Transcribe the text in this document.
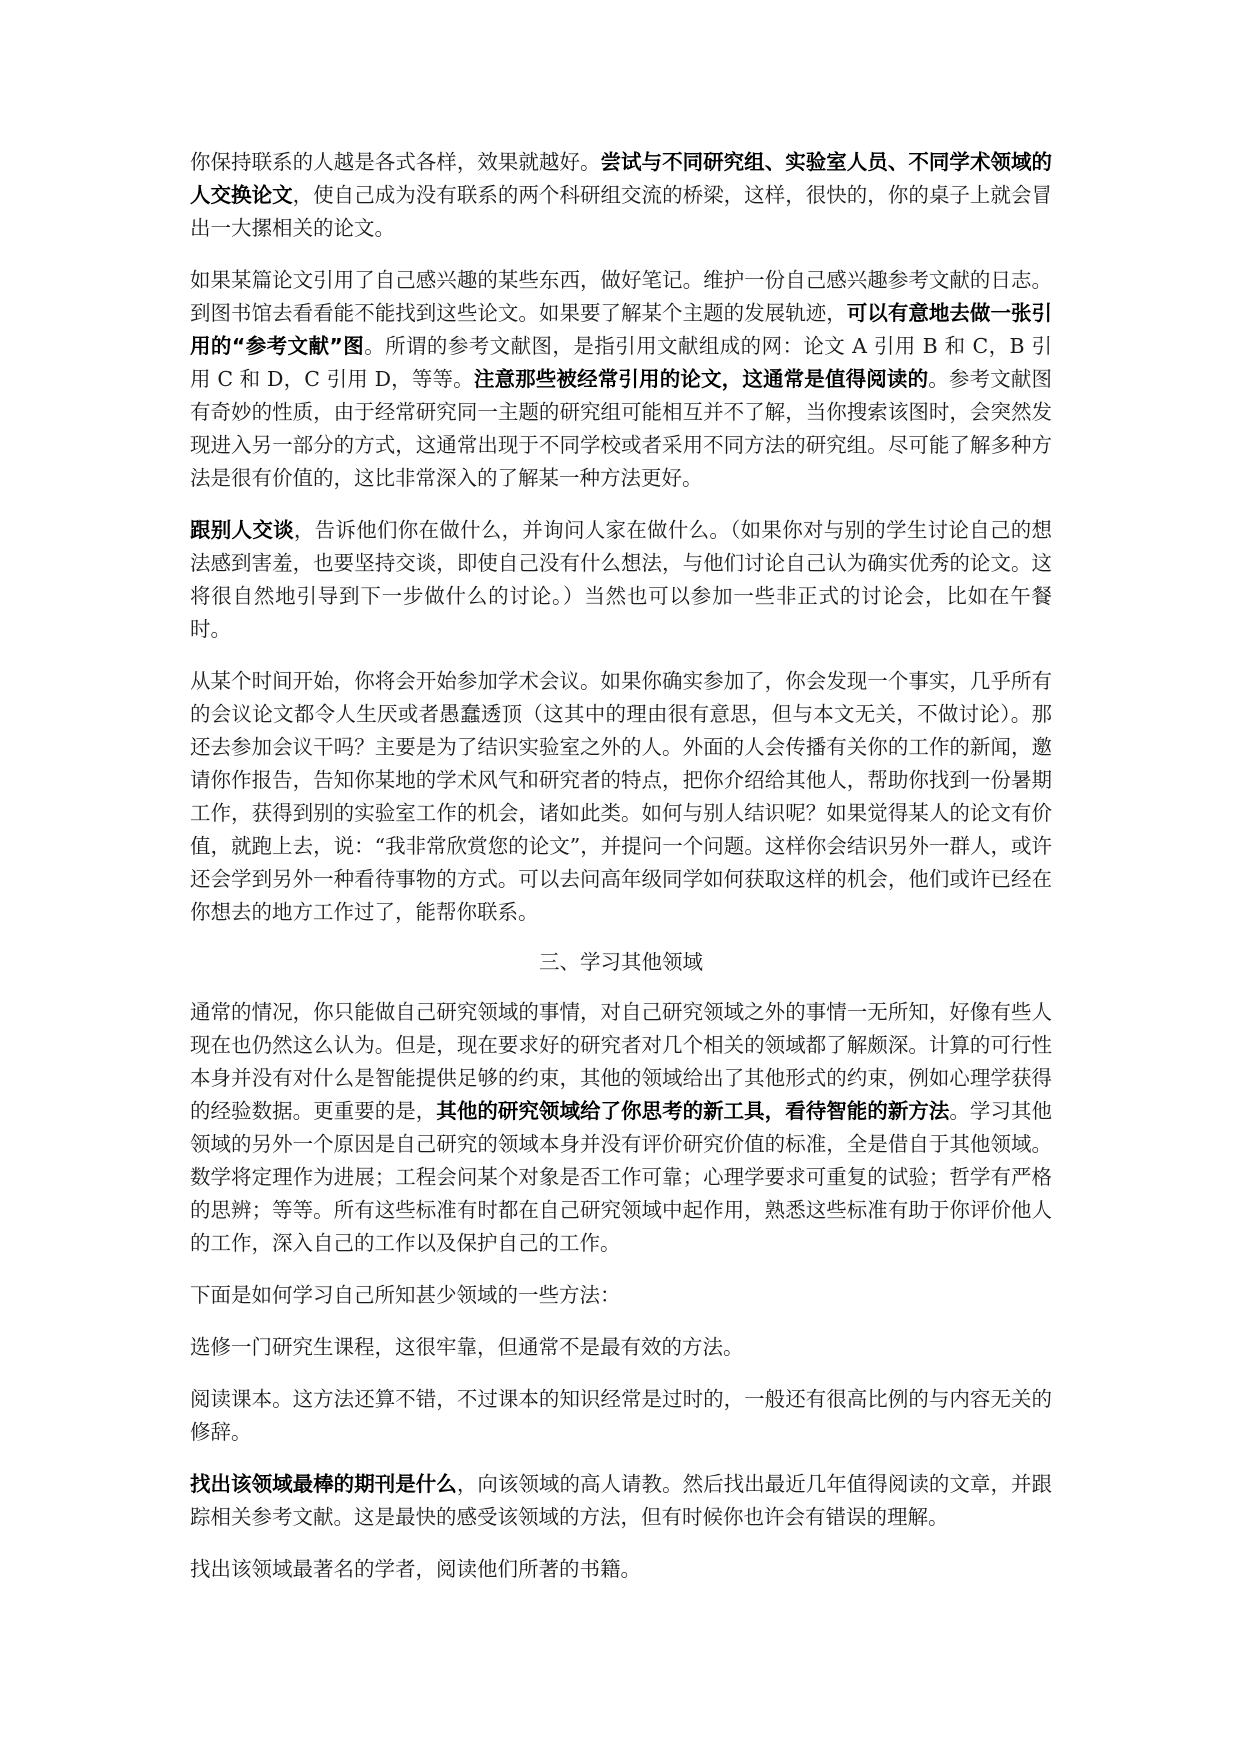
你保持联系的人越是各式各样，效果就越好。尝试与不同研究组、实验室人员、不同学术领域的人交换论文，使自己成为没有联系的两个科研组交流的桥梁，这样，很快的，你的桌子上就会冒出一大摞相关的论文。

如果某篇论文引用了自己感兴趣的某些东西，做好笔记。维护一份自己感兴趣参考文献的日志。到图书馆去看看能不能找到这些论文。如果要了解某个主题的发展轨迹，可以有意地去做一张引用的“参考文献”图。所谓的参考文献图，是指引用文献组成的网：论文 A 引用 B 和 C，B 引用 C 和 D，C 引用 D，等等。注意那些被经常引用的论文，这通常是值得阅读的。参考文献图有奇妙的性质，由于经常研究同一主题的研究组可能相互并不了解，当你搜索该图时，会突然发现进入另一部分的方式，这通常出现于不同学校或者采用不同方法的研究组。尽可能了解多种方法是很有价值的，这比非常深入的了解某一种方法更好。

跟别人交谈，告诉他们你在做什么，并询问人家在做什么。（如果你对与别的学生讨论自己的想法感到害羞，也要坚持交谈，即使自己没有什么想法，与他们讨论自己认为确实优秀的论文。这将很自然地引导到下一步做什么的讨论。）当然也可以参加一些非正式的讨论会，比如在午餐时。

从某个时间开始，你将会开始参加学术会议。如果你确实参加了，你会发现一个事实，几乎所有的会议论文都令人生厌或者愚蠢透顶（这其中的理由很有意思，但与本文无关，不做讨论）。那还去参加会议干吗？主要是为了结识实验室之外的人。外面的人会传播有关你的工作的新闻，邀请你作报告，告知你某地的学术风气和研究者的特点，把你介绍给其他人，帮助你找到一份暑期工作，获得到别的实验室工作的机会，诸如此类。如何与别人结识呢？如果觉得某人的论文有价值，就跑上去，说：“我非常欣赏您的论文”，并提问一个问题。这样你会结识另外一群人，或许还会学到另外一种看待事物的方式。可以去问高年级同学如何获取这样的机会，他们或许已经在你想去的地方工作过了，能帮你联系。

三、学习其他领域

通常的情况，你只能做自己研究领域的事情，对自己研究领域之外的事情一无所知，好像有些人现在也仍然这么认为。但是，现在要求好的研究者对几个相关的领域都了解颇深。计算的可行性本身并没有对什么是智能提供足够的约束，其他的领域给出了其他形式的约束，例如心理学获得的经验数据。更重要的是，其他的研究领域给了你思考的新工具，看待智能的新方法。学习其他领域的另外一个原因是自己研究的领域本身并没有评价研究价值的标准，全是借自于其他领域。数学将定理作为进展；工程会问某个对象是否工作可靠；心理学要求可重复的试验；哲学有严格的思辨；等等。所有这些标准有时都在自己研究领域中起作用，熟悉这些标准有助于你评价他人的工作，深入自己的工作以及保护自己的工作。

下面是如何学习自己所知甚少领域的一些方法：

选修一门研究生课程，这很牢靠，但通常不是最有效的方法。

阅读课本。这方法还算不错，不过课本的知识经常是过时的，一般还有很高比例的与内容无关的修辞。

找出该领域最棒的期刊是什么，向该领域的高人请教。然后找出最近几年值得阅读的文章，并跟踪相关参考文献。这是最快的感受该领域的方法，但有时候你也许会有错误的理解。

找出该领域最著名的学者，阅读他们所著的书籍。
